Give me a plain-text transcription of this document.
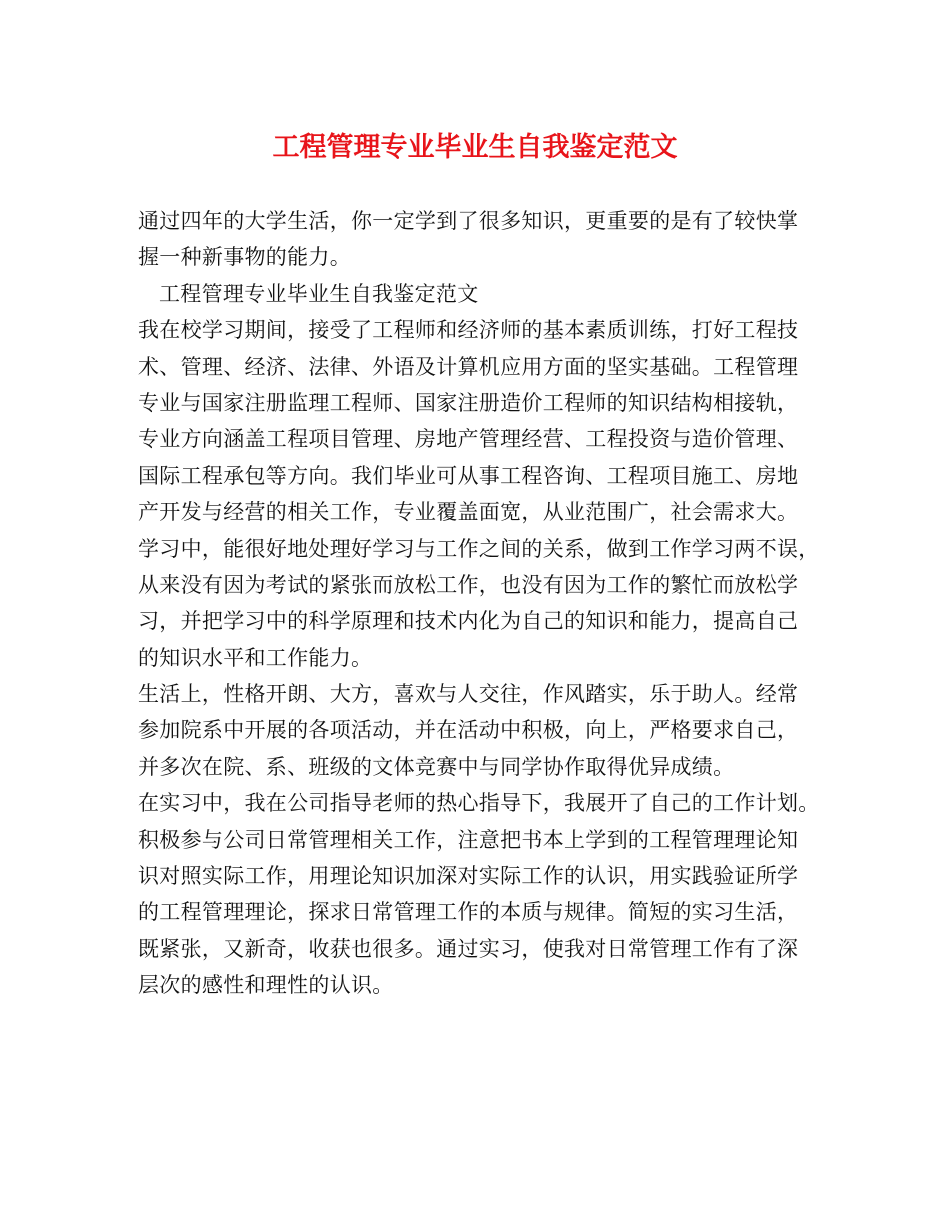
工程管理专业毕业生自我鉴定范文
通过四年的大学生活，你一定学到了很多知识，更重要的是有了较快掌
握一种新事物的能力。
工程管理专业毕业生自我鉴定范文
我在校学习期间，接受了工程师和经济师的基本素质训练，打好工程技
术、管理、经济、法律、外语及计算机应用方面的坚实基础。工程管理
专业与国家注册监理工程师、国家注册造价工程师的知识结构相接轨，
专业方向涵盖工程项目管理、房地产管理经营、工程投资与造价管理、
国际工程承包等方向。我们毕业可从事工程咨询、工程项目施工、房地
产开发与经营的相关工作，专业覆盖面宽，从业范围广，社会需求大。
学习中，能很好地处理好学习与工作之间的关系，做到工作学习两不误，
从来没有因为考试的紧张而放松工作，也没有因为工作的繁忙而放松学
习，并把学习中的科学原理和技术内化为自己的知识和能力，提高自己
的知识水平和工作能力。
生活上，性格开朗、大方，喜欢与人交往，作风踏实，乐于助人。经常
参加院系中开展的各项活动，并在活动中积极，向上，严格要求自己，
并多次在院、系、班级的文体竞赛中与同学协作取得优异成绩。
在实习中，我在公司指导老师的热心指导下，我展开了自己的工作计划。
积极参与公司日常管理相关工作，注意把书本上学到的工程管理理论知
识对照实际工作，用理论知识加深对实际工作的认识，用实践验证所学
的工程管理理论，探求日常管理工作的本质与规律。简短的实习生活，
既紧张，又新奇，收获也很多。通过实习，使我对日常管理工作有了深
层次的感性和理性的认识。
